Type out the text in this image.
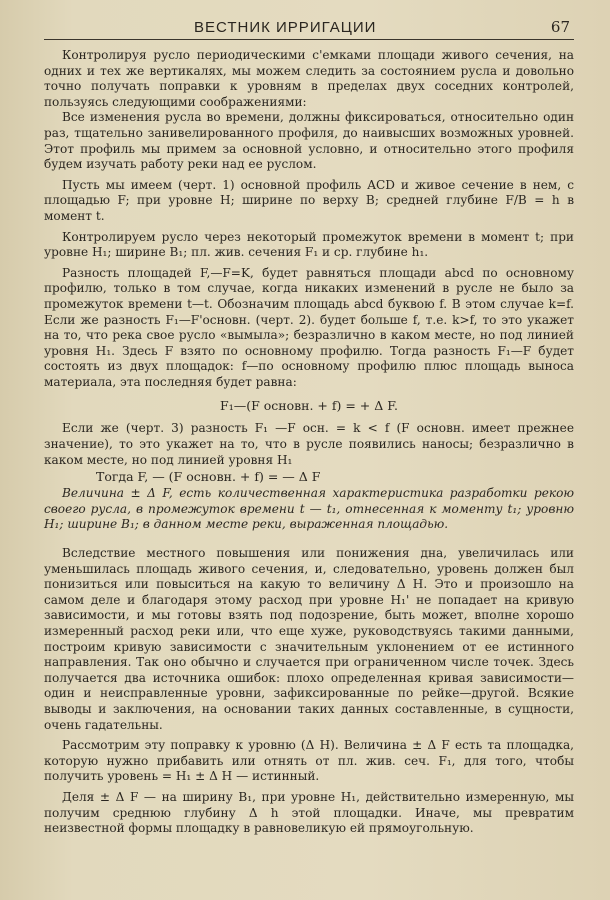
ВЕСТНИК ИРРИГАЦИИ	67

Контролируя русло периодическими с'емками площади живого сечения, на одних и тех же вертикалях, мы можем следить за состоянием русла и довольно точно получать поправки к уровням в пределах двух соседних контролей, пользуясь следующими соображениями:

Все изменения русла во времени, должны фиксироваться, относительно один раз, тщательно занивелированного профиля, до наивысших возможных уровней. Этот профиль мы примем за основной условно, и относительно этого профиля будем изучать работу реки над ее руслом.

Пусть мы имеем (черт. 1) основной профиль ACD и живое сечение в нем, с площадью F; при уровне H; ширине по верху B; средней глубине F/B = h в момент t.

Контролируем русло через некоторый промежуток времени в момент t; при уровне H₁; ширине B₁; пл. жив. сечения F₁ и ср. глубине h₁.

Разность площадей F,—F=K, будет равняться площади abcd по основному профилю, только в том случае, когда никаких изменений в русле не было за промежуток времени t—t. Обозначим площадь abcd буквою f. В этом случае k=f. Если же разность F₁—F'основн. (черт. 2). будет больше f, т.е. k>f, то это укажет на то, что река свое русло «вымыла»; безразлично в каком месте, но под линией уровня H₁. Здесь F взято по основному профилю. Тогда разность F₁—F будет состоять из двух площадок: f—по основному профилю плюс площадь выноса материала, эта последняя будет равна:

F₁—(F основн. + f) = + Δ F.

Если же (черт. 3) разность F₁ —F осн. = k < f (F основн. имеет прежнее значение), то это укажет на то, что в русле появились наносы; безразлично в каком месте, но под линией уровня H₁

Тогда F, — (F основн. + f) = — Δ F

Величина ± Δ F, есть количественная характеристика разработки рекою своего русла, в промежуток времени t — t₁, отнесенная к моменту t₁; уровню H₁; ширине B₁; в данном месте реки, выраженная площадью.

Вследствие местного повышения или понижения дна, увеличилась или уменьшилась площадь живого сечения, и, следовательно, уровень должен был понизиться или повыситься на какую то величину Δ H. Это и произошло на самом деле и благодаря этому расход при уровне H₁' не попадает на кривую зависимости, и мы готовы взять под подозрение, быть может, вполне хорошо измеренный расход реки или, что еще хуже, руководствуясь такими данными, построим кривую зависимости с значительным уклонением от ее истинного направления. Так оно обычно и случается при ограниченном числе точек. Здесь получается два источника ошибок: плохо определенная кривая зависимости—один и неисправленные уровни, зафиксированные по рейке—другой. Всякие выводы и заключения, на основании таких данных составленные, в сущности, очень гадательны.

Рассмотрим эту поправку к уровню (Δ H). Величина ± Δ F есть та площадка, которую нужно прибавить или отнять от пл. жив. сеч. F₁, для того, чтобы получить уровень = H₁ ± Δ H — истинный.

Деля ± Δ F — на ширину B₁, при уровне H₁, действительно измеренную, мы получим среднюю глубину Δ h этой площадки. Иначе, мы превратим неизвестной формы площадку в равновеликую ей прямоугольную.
